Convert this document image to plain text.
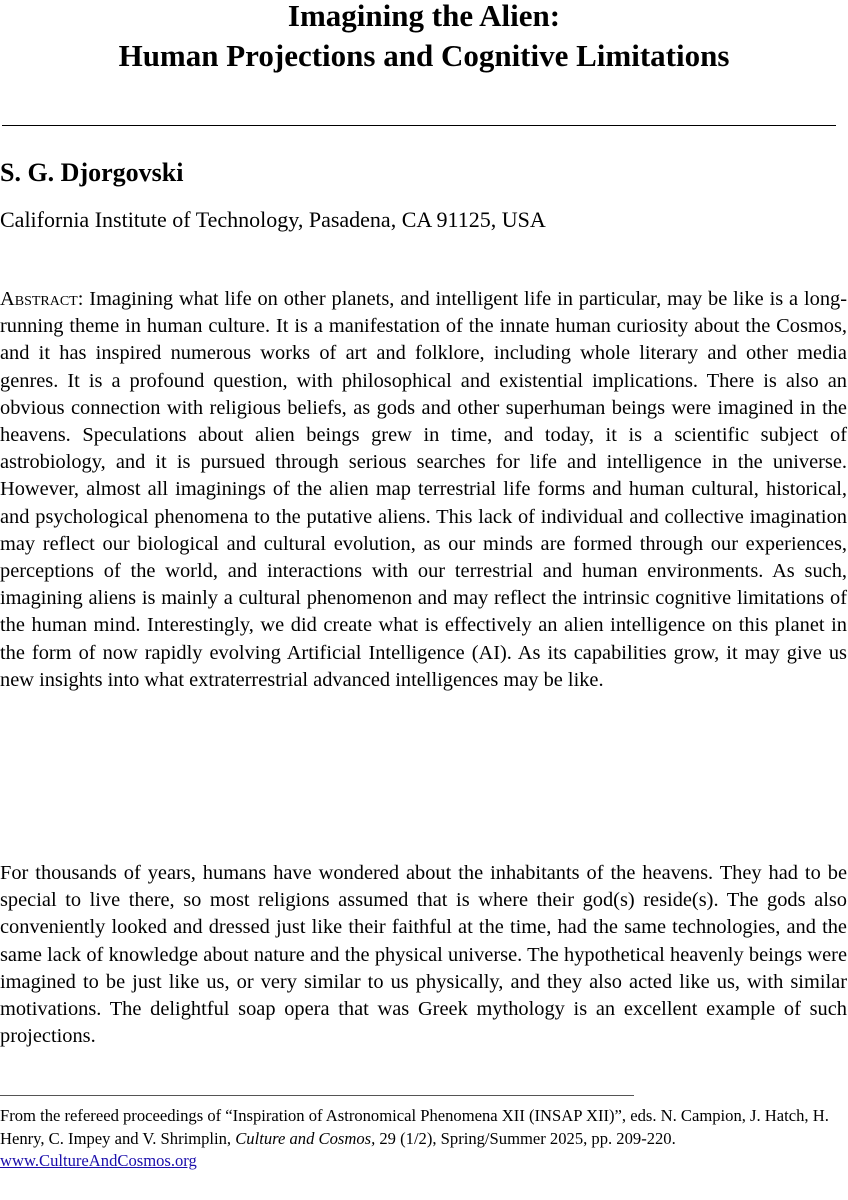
Imagining the Alien:
Human Projections and Cognitive Limitations

S. G. Djorgovski

California Institute of Technology, Pasadena, CA 91125, USA

Abstract: Imagining what life on other planets, and intelligent life in particular, may be like is a long-running theme in human culture. It is a manifestation of the innate human curiosity about the Cosmos, and it has inspired numerous works of art and folklore, including whole literary and other media genres. It is a profound question, with philosophical and existential implications. There is also an obvious connection with religious beliefs, as gods and other superhuman beings were imagined in the heavens. Speculations about alien beings grew in time, and today, it is a scientific subject of astrobiology, and it is pursued through serious searches for life and intelligence in the universe. However, almost all imaginings of the alien map terrestrial life forms and human cultural, historical, and psychological phenomena to the putative aliens. This lack of individual and collective imagination may reflect our biological and cultural evolution, as our minds are formed through our experiences, perceptions of the world, and interactions with our terrestrial and human environments. As such, imagining aliens is mainly a cultural phenomenon and may reflect the intrinsic cognitive limitations of the human mind. Interestingly, we did create what is effectively an alien intelligence on this planet in the form of now rapidly evolving Artificial Intelligence (AI). As its capabilities grow, it may give us new insights into what extraterrestrial advanced intelligences may be like.

For thousands of years, humans have wondered about the inhabitants of the heavens. They had to be special to live there, so most religions assumed that is where their god(s) reside(s). The gods also conveniently looked and dressed just like their faithful at the time, had the same technologies, and the same lack of knowledge about nature and the physical universe. The hypothetical heavenly beings were imagined to be just like us, or very similar to us physically, and they also acted like us, with similar motivations. The delightful soap opera that was Greek mythology is an excellent example of such projections.

From the refereed proceedings of “Inspiration of Astronomical Phenomena XII (INSAP XII)”, eds. N. Campion, J. Hatch, H. Henry, C. Impey and V. Shrimplin, Culture and Cosmos, 29 (1/2), Spring/Summer 2025, pp. 209-220.
www.CultureAndCosmos.org
